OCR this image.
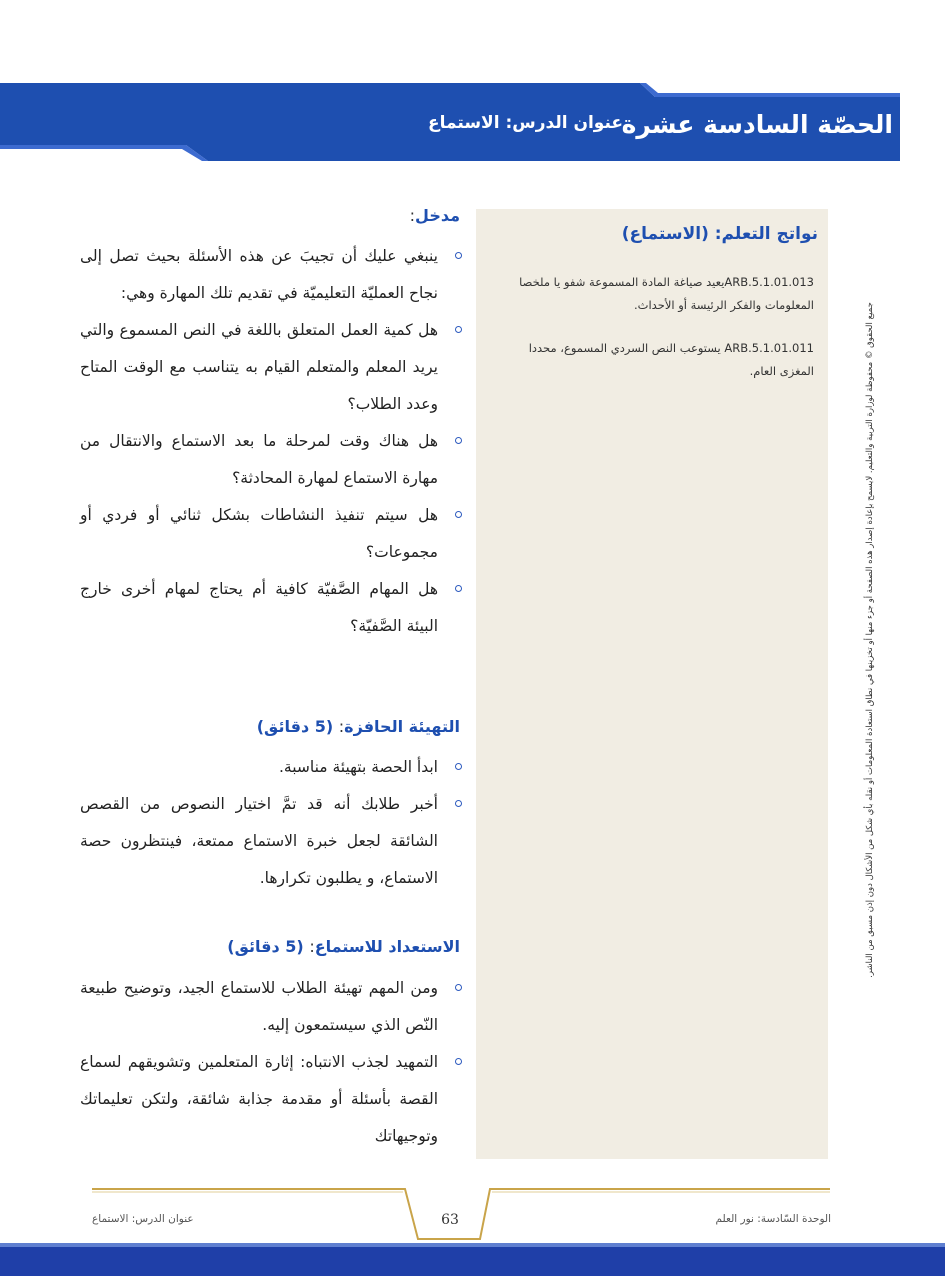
عنوان الدرس: الاستماع
الحصّة السادسة عشرة
نواتج التعلم: (الاستماع)
ARB.5.1.01.013يعيد صياغة المادة المسموعة شفو يا ملخصا المعلومات والفكر الرئيسة أو الأحداث.
ARB.5.1.01.011 يستوعب النص السردي المسموع، محددا المغزى العام.	جميع الحقوق © محفوظة لوزارة التربية والتعليم. لايسمح بإعادة إصدار هذه الصفحة أو جزء منها أو تخزينها في نطاق استعادة المعلومات أو نقله بأي شكل من الأشكال دون إذن مسبق من الناشر.
مدخل:
ينبغي عليك أن تجيبَ عن هذه الأسئلة بحيث تصل إلى نجاح العمليّة التعليميّة في تقديم تلك المهارة وهي:
هل كمية العمل المتعلق باللغة في النص المسموع والتي يريد المعلم والمتعلم القيام به يتناسب مع الوقت المتاح وعدد الطلاب؟
هل هناك وقت لمرحلة ما بعد الاستماع والانتقال من مهارة الاستماع لمهارة المحادثة؟
هل سيتم تنفيذ النشاطات بشكل ثنائي أو فردي أو مجموعات؟
هل المهام الصَّفيّة كافية أم يحتاج لمهام أخرى خارج البيئة الصَّفيّة؟
التهيئة الحافزة: (5 دقائق)
ابدأ الحصة بتهيئة مناسبة.
أخبر طلابك أنه قد تمَّ اختيار النصوص من القصص الشائقة لجعل خبرة الاستماع ممتعة، فينتظرون حصة الاستماع، و يطلبون تكرارها.
الاستعداد للاستماع: (5 دقائق)
ومن المهم تهيئة الطلاب للاستماع الجيد، وتوضيح طبيعة النّص الذي سيستمعون إليه.
التمهيد لجذب الانتباه: إثارة المتعلمين وتشويقهم لسماع القصة بأسئلة أو مقدمة جذابة شائقة، ولتكن تعليماتك وتوجيهاتك
63
عنوان الدرس: الاستماع	الوحدة السّادسة: نور العلم
